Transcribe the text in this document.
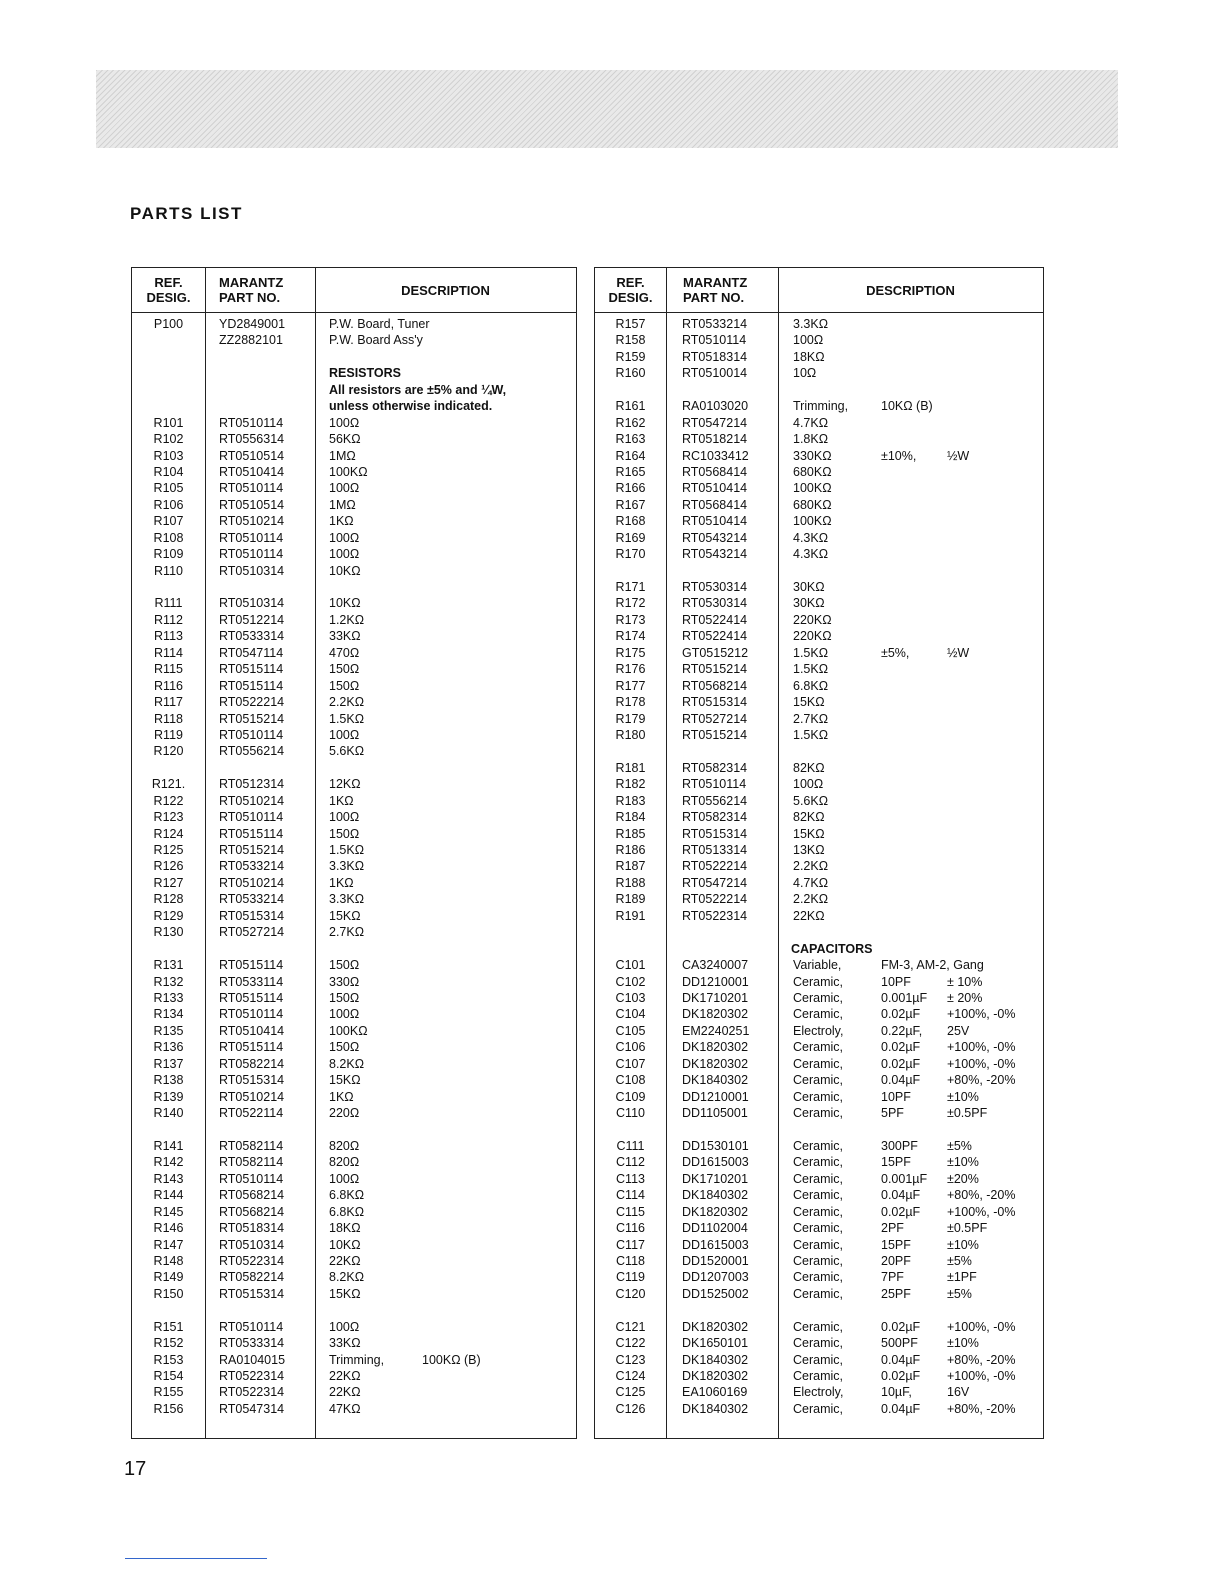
PARTS LIST
REF.
DESIG.
MARANTZ
PART NO.	DESCRIPTION
P100	YD2849001	P.W. Board, Tuner
ZZ2882101	P.W. Board Ass'y
RESISTORS
All resistors are ±5% and ¼W,
unless otherwise indicated.
R101	RT0510114	100Ω
R102	RT0556314	56KΩ
R103	RT0510514	1MΩ
R104	RT0510414	100KΩ
R105	RT0510114	100Ω
R106	RT0510514	1MΩ
R107	RT0510214	1KΩ
R108	RT0510114	100Ω
R109	RT0510114	100Ω
R110	RT0510314	10KΩ
R111	RT0510314	10KΩ
R112	RT0512214	1.2KΩ
R113	RT0533314	33KΩ
R114	RT0547114	470Ω
R115	RT0515114	150Ω
R116	RT0515114	150Ω
R117	RT0522214	2.2KΩ
R118	RT0515214	1.5KΩ
R119	RT0510114	100Ω
R120	RT0556214	5.6KΩ
R121.	RT0512314	12KΩ
R122	RT0510214	1KΩ
R123	RT0510114	100Ω
R124	RT0515114	150Ω
R125	RT0515214	1.5KΩ
R126	RT0533214	3.3KΩ
R127	RT0510214	1KΩ
R128	RT0533214	3.3KΩ
R129	RT0515314	15KΩ
R130	RT0527214	2.7KΩ
R131	RT0515114	150Ω
R132	RT0533114	330Ω
R133	RT0515114	150Ω
R134	RT0510114	100Ω
R135	RT0510414	100KΩ
R136	RT0515114	150Ω
R137	RT0582214	8.2KΩ
R138	RT0515314	15KΩ
R139	RT0510214	1KΩ
R140	RT0522114	220Ω
R141	RT0582114	820Ω
R142	RT0582114	820Ω
R143	RT0510114	100Ω
R144	RT0568214	6.8KΩ
R145	RT0568214	6.8KΩ
R146	RT0518314	18KΩ
R147	RT0510314	10KΩ
R148	RT0522314	22KΩ
R149	RT0582214	8.2KΩ
R150	RT0515314	15KΩ
R151	RT0510114	100Ω
R152	RT0533314	33KΩ
R153	RA0104015	Trimming,	100KΩ (B)
R154	RT0522314	22KΩ
R155	RT0522314	22KΩ
R156	RT0547314	47KΩ
REF.
DESIG.
MARANTZ
PART NO.	DESCRIPTION
R157	RT0533214	3.3KΩ
R158	RT0510114	100Ω
R159	RT0518314	18KΩ
R160	RT0510014	10Ω
R161	RA0103020	Trimming,	10KΩ (B)
R162	RT0547214	4.7KΩ
R163	RT0518214	1.8KΩ
R164	RC1033412	330KΩ	±10%, ½W
R165	RT0568414	680KΩ
R166	RT0510414	100KΩ
R167	RT0568414	680KΩ
R168	RT0510414	100KΩ
R169	RT0543214	4.3KΩ
R170	RT0543214	4.3KΩ
R171	RT0530314	30KΩ
R172	RT0530314	30KΩ
R173	RT0522414	220KΩ
R174	RT0522414	220KΩ
R175	GT0515212	1.5KΩ	±5%,	½W
R176	RT0515214	1.5KΩ
R177	RT0568214	6.8KΩ
R178	RT0515314	15KΩ
R179	RT0527214	2.7KΩ
R180	RT0515214	1.5KΩ
R181	RT0582314	82KΩ
R182	RT0510114	100Ω
R183	RT0556214	5.6KΩ
R184	RT0582314	82KΩ
R185	RT0515314	15KΩ
R186	RT0513314	13KΩ
R187	RT0522214	2.2KΩ
R188	RT0547214	4.7KΩ
R189	RT0522214	2.2KΩ
R191	RT0522314	22KΩ
CAPACITORS
C101	CA3240007	Variable,	FM-3, AM-2, Gang
C102	DD1210001	Ceramic,	10PF	± 10%
C103	DK1710201	Ceramic,	0.001µF ± 20%
C104	DK1820302	Ceramic,	0.02µF +100%, -0%
C105	EM2240251	Electroly,	0.22µF, 25V
C106	DK1820302	Ceramic,	0.02µF +100%, -0%
C107	DK1820302	Ceramic,	0.02µF +100%, -0%
C108	DK1840302	Ceramic,	0.04µF +80%, -20%
C109	DD1210001	Ceramic,	10PF	±10%
C110	DD1105001	Ceramic,	5PF	±0.5PF
C111	DD1530101	Ceramic,	300PF ±5%
C112	DD1615003	Ceramic,	15PF	±10%
C113	DK1710201	Ceramic,	0.001µF ±20%
C114	DK1840302	Ceramic,	0.04µF +80%, -20%
C115	DK1820302	Ceramic,	0.02µF +100%, -0%
C116	DD1102004	Ceramic,	2PF	±0.5PF
C117	DD1615003	Ceramic,	15PF	±10%
C118	DD1520001	Ceramic,	20PF	±5%
C119	DD1207003	Ceramic,	7PF	±1PF
C120	DD1525002	Ceramic,	25PF	±5%
C121	DK1820302	Ceramic,	0.02µF +100%, -0%
C122	DK1650101	Ceramic,	500PF ±10%
C123	DK1840302	Ceramic,	0.04µF +80%, -20%
C124	DK1820302	Ceramic,	0.02µF +100%, -0%
C125	EA1060169	Electroly,	10µF,	16V
C126	DK1840302	Ceramic,	0.04µF +80%, -20%
17
